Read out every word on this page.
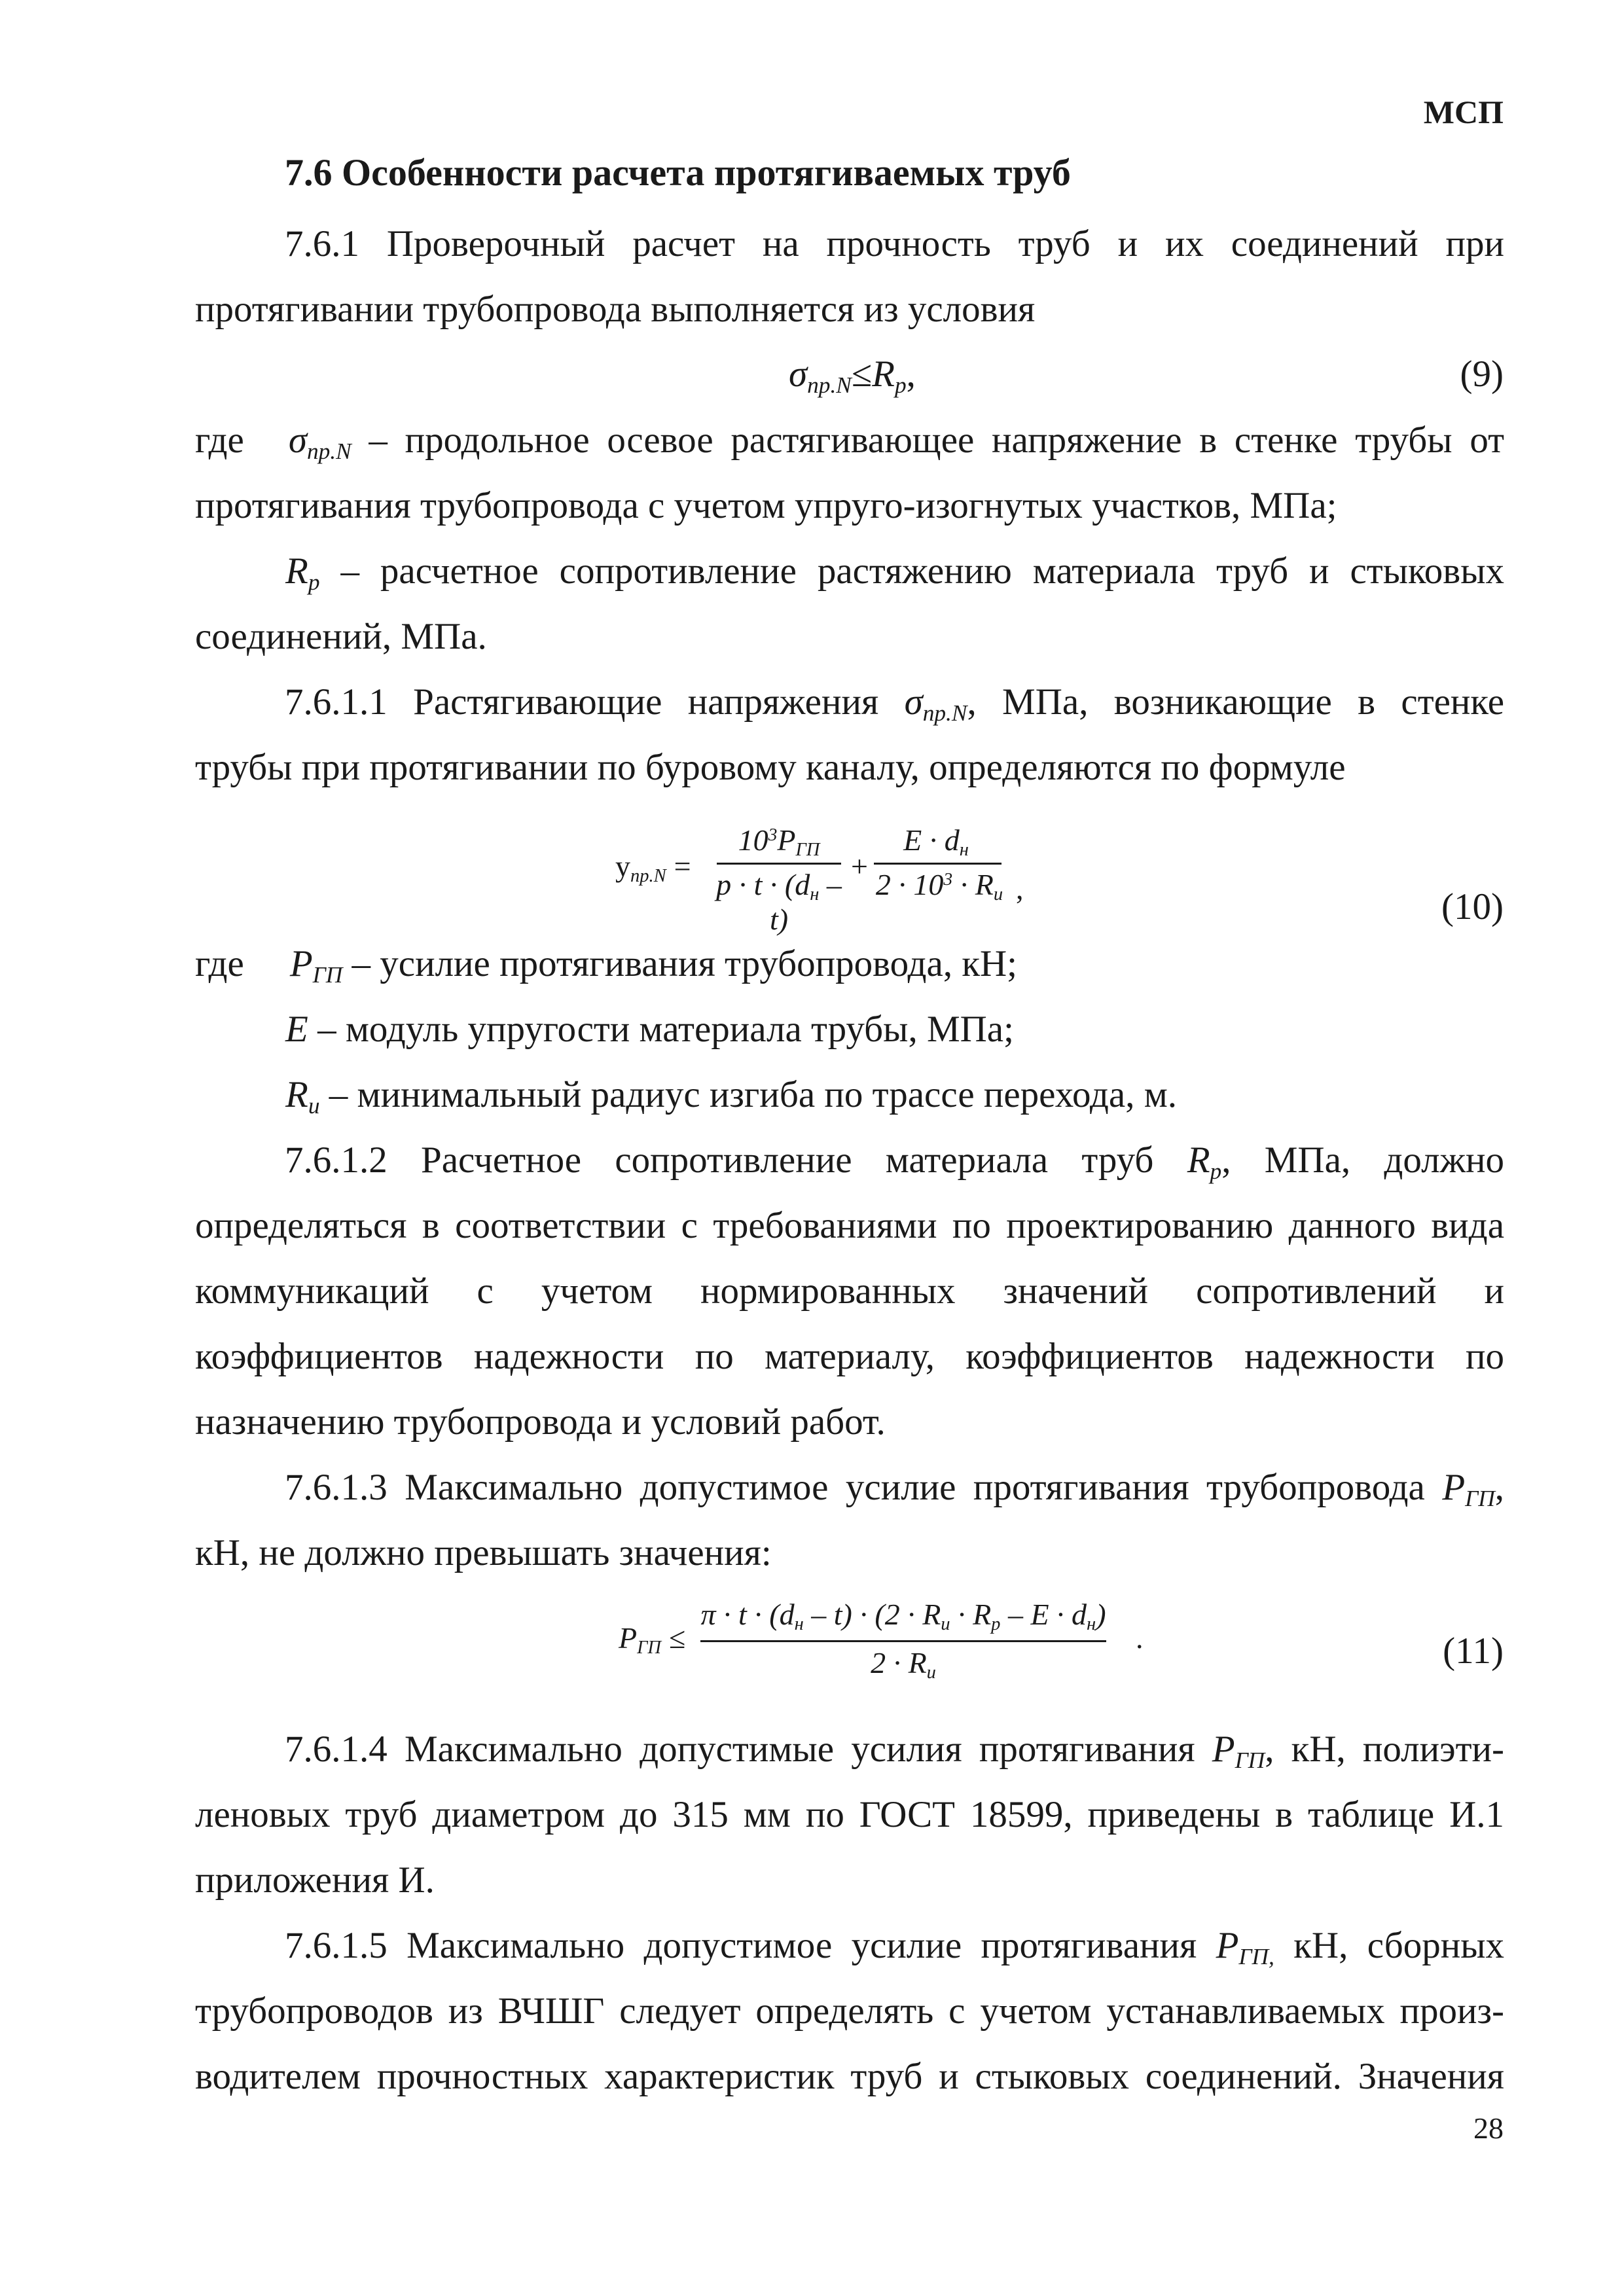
МСП
7.6 Особенности расчета протягиваемых труб
7.6.1 Проверочный расчет на прочность труб и их соединений при
протягивании трубопровода выполняется из условия
$\sigma_{пр.N}\le R_p$,	(9)
где $\sigma_{пр.N}$ – продольное осевое растягивающее напряжение в стенке трубы от
протягивания трубопровода с учетом упруго-изогнутых участков, МПа;
$R_p$ – расчетное сопротивление растяжению материала труб и стыковых
соединений, МПа.
7.6.1.1 Растягивающие напряжения $\sigma_{пр.N}$, МПа, возникающие в стенке
трубы при протягивании по буровому каналу, определяются по формуле
$у_{пр.N}$ =
$10^3P_{ГП}$
$p \cdot t \cdot (d_н - t)$
+
$E \cdot d_н$
$2 \cdot 10^3 \cdot R_и$ ,	(10)
где $P_{ГП}$ – усилие протягивания трубопровода, кН;
E – модуль упругости материала трубы, МПа;
$R_и$ – минимальный радиус изгиба по трассе перехода, м.
7.6.1.2 Расчетное сопротивление материала труб $R_p$, МПа, должно
определяться в соответствии с требованиями по проектированию данного вида
коммуникаций с учетом нормированных значений сопротивлений и
коэффициентов надежности по материалу, коэффициентов надежности по
назначению трубопровода и условий работ.
7.6.1.3 Максимально допустимое усилие протягивания трубопровода $P_{ГП}$,
кН, не должно превышать значения:
$P_{ГП}$ ≤
$\pi \cdot t \cdot (d_н - t) \cdot (2 \cdot R_и \cdot R_p - E \cdot d_н)$
$2 \cdot R_и$
.	(11)
7.6.1.4 Максимально допустимые усилия протягивания $P_{ГП}$, кН, полиэти-
леновых труб диаметром до 315 мм по ГОСТ 18599, приведены в таблице И.1
приложения И.
7.6.1.5 Максимально допустимое усилие протягивания $P_{ГП,}$ кН, сборных
трубопроводов из ВЧШГ следует определять с учетом устанавливаемых произ-
водителем прочностных характеристик труб и стыковых соединений. Значения
28
